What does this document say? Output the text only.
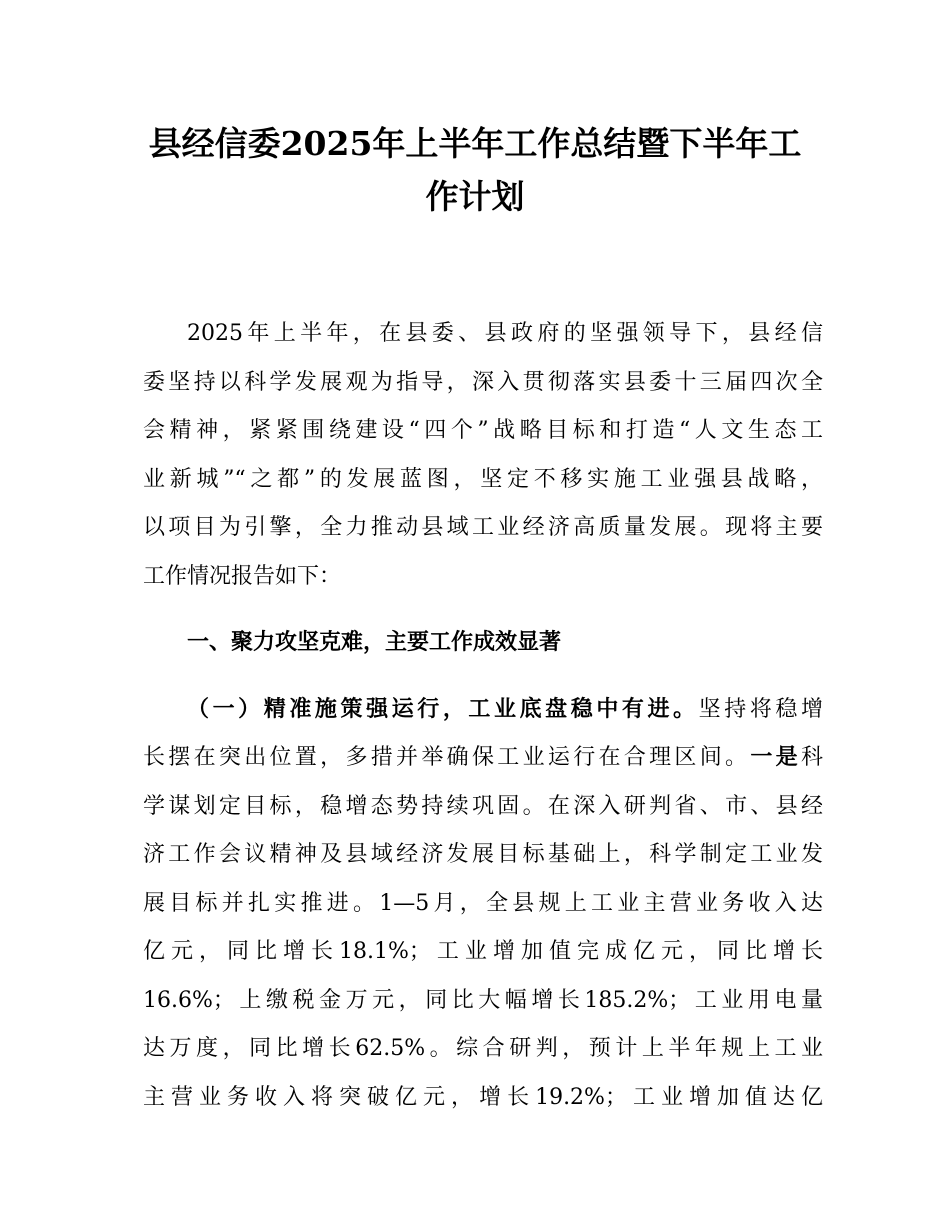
县经信委2025年上半年工作总结暨下半年工
作计划
2025年上半年，在县委、县政府的坚强领导下，县经信
委坚持以科学发展观为指导，深入贯彻落实县委十三届四次全
会精神，紧紧围绕建设“四个”战略目标和打造“人文生态工
业新城”“之都”的发展蓝图，坚定不移实施工业强县战略，
以项目为引擎，全力推动县域工业经济高质量发展。现将主要
工作情况报告如下：
一、聚力攻坚克难，主要工作成效显著
（一）精准施策强运行，工业底盘稳中有进。坚持将稳增
长摆在突出位置，多措并举确保工业运行在合理区间。一是科
学谋划定目标，稳增态势持续巩固。在深入研判省、市、县经
济工作会议精神及县域经济发展目标基础上，科学制定工业发
展目标并扎实推进。1—5月，全县规上工业主营业务收入达
亿元，同比增长18.1%；工业增加值完成亿元，同比增长
16.6%；上缴税金万元，同比大幅增长185.2%；工业用电量
达万度，同比增长62.5%。综合研判，预计上半年规上工业
主营业务收入将突破亿元，增长19.2%；工业增加值达亿
